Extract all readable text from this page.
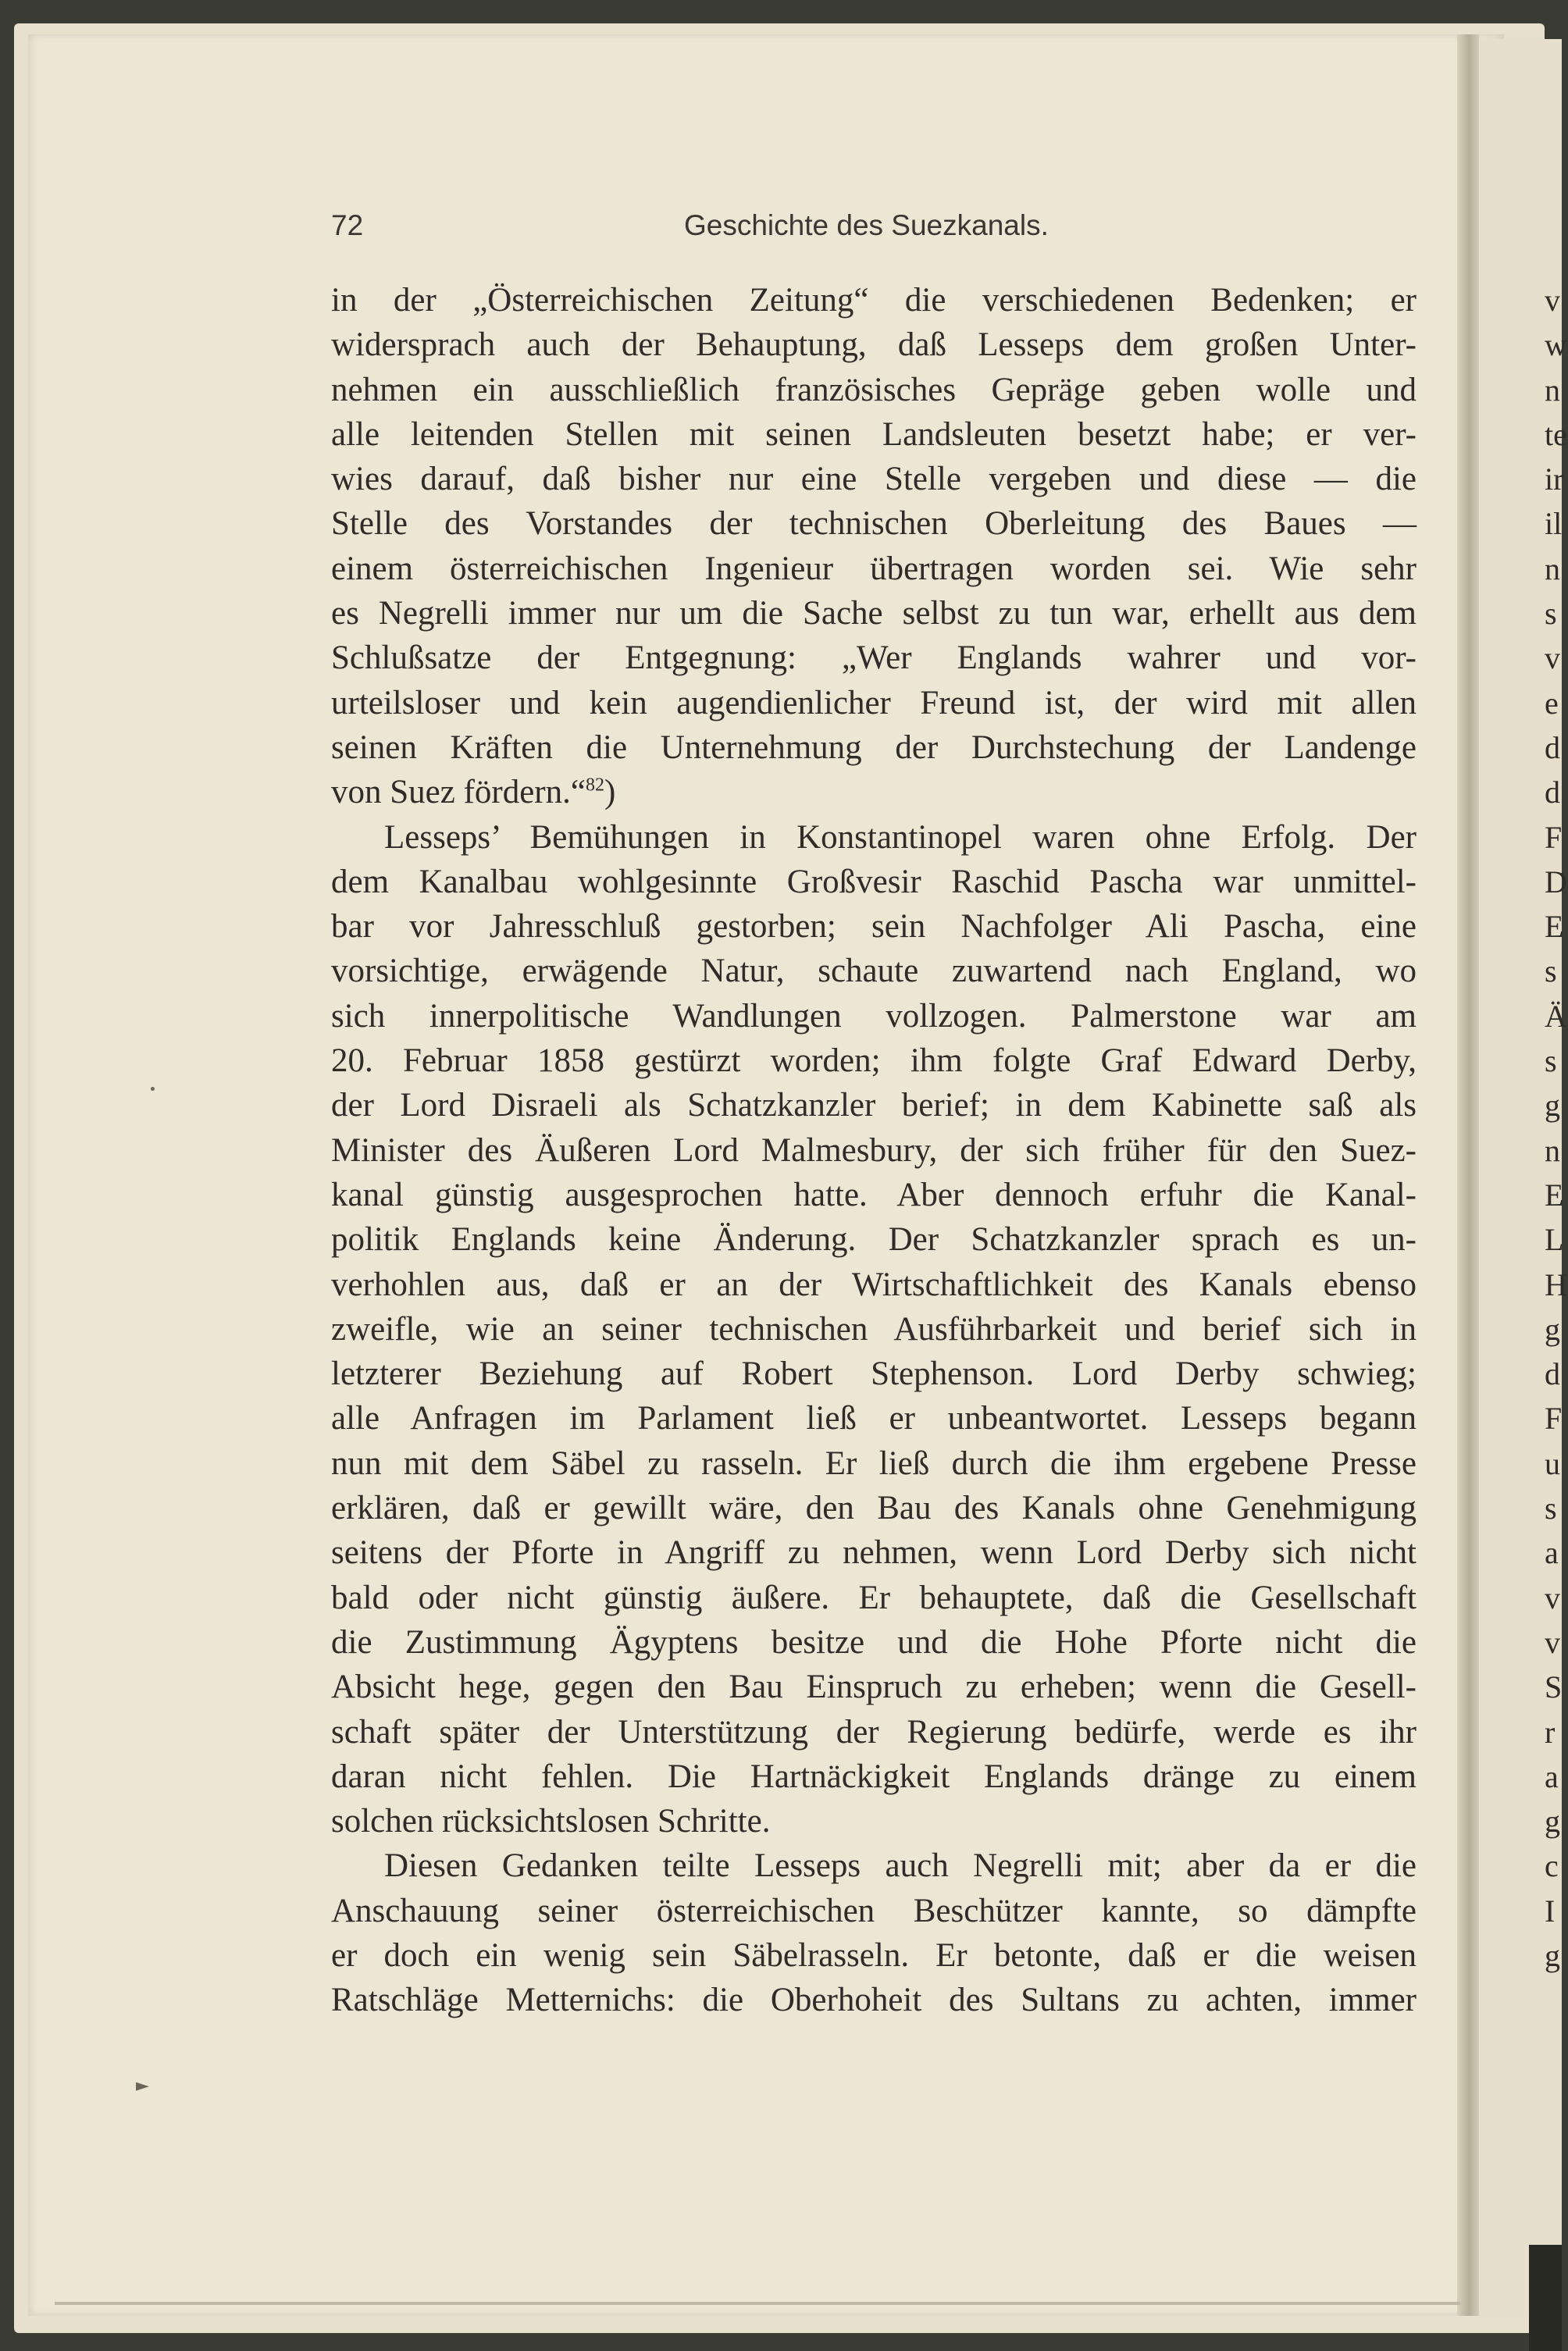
72	Geschichte des Suezkanals.
in der „Österreichischen Zeitung“ die verschiedenen Bedenken; er
widersprach auch der Behauptung, daß Lesseps dem großen Unter-
nehmen ein ausschließlich französisches Gepräge geben wolle und
alle leitenden Stellen mit seinen Landsleuten besetzt habe; er ver-
wies darauf, daß bisher nur eine Stelle vergeben und diese — die
Stelle des Vorstandes der technischen Oberleitung des Baues —
einem österreichischen Ingenieur übertragen worden sei. Wie sehr
es Negrelli immer nur um die Sache selbst zu tun war, erhellt aus dem
Schlußsatze der Entgegnung: „Wer Englands wahrer und vor-
urteilsloser und kein augendienlicher Freund ist, der wird mit allen
seinen Kräften die Unternehmung der Durchstechung der Landenge
von Suez fördern.“$^{82}$)
Lesseps’ Bemühungen in Konstantinopel waren ohne Erfolg. Der
dem Kanalbau wohlgesinnte Großvesir Raschid Pascha war unmittel-
bar vor Jahresschluß gestorben; sein Nachfolger Ali Pascha, eine
vorsichtige, erwägende Natur, schaute zuwartend nach England, wo
sich innerpolitische Wandlungen vollzogen. Palmerstone war am
20. Februar 1858 gestürzt worden; ihm folgte Graf Edward Derby,
der Lord Disraeli als Schatzkanzler berief; in dem Kabinette saß als
Minister des Äußeren Lord Malmesbury, der sich früher für den Suez-
kanal günstig ausgesprochen hatte. Aber dennoch erfuhr die Kanal-
politik Englands keine Änderung. Der Schatzkanzler sprach es un-
verhohlen aus, daß er an der Wirtschaftlichkeit des Kanals ebenso
zweifle, wie an seiner technischen Ausführbarkeit und berief sich in
letzterer Beziehung auf Robert Stephenson. Lord Derby schwieg;
alle Anfragen im Parlament ließ er unbeantwortet. Lesseps begann
nun mit dem Säbel zu rasseln. Er ließ durch die ihm ergebene Presse
erklären, daß er gewillt wäre, den Bau des Kanals ohne Genehmigung
seitens der Pforte in Angriff zu nehmen, wenn Lord Derby sich nicht
bald oder nicht günstig äußere. Er behauptete, daß die Gesellschaft
die Zustimmung Ägyptens besitze und die Hohe Pforte nicht die
Absicht hege, gegen den Bau Einspruch zu erheben; wenn die Gesell-
schaft später der Unterstützung der Regierung bedürfe, werde es ihr
daran nicht fehlen. Die Hartnäckigkeit Englands dränge zu einem
solchen rücksichtslosen Schritte.
Diesen Gedanken teilte Lesseps auch Negrelli mit; aber da er die
Anschauung seiner österreichischen Beschützer kannte, so dämpfte
er doch ein wenig sein Säbelrasseln. Er betonte, daß er die weisen
Ratschläge Metternichs: die Oberhoheit des Sultans zu achten, immer
v
w
n
te
ir
il
n
s
v
e
d
d
F
D
E
s
Ä
s
g
n
E
L
H
g
d
F
u
s
a
v
v
S
r
a
g
c
I
g
►
